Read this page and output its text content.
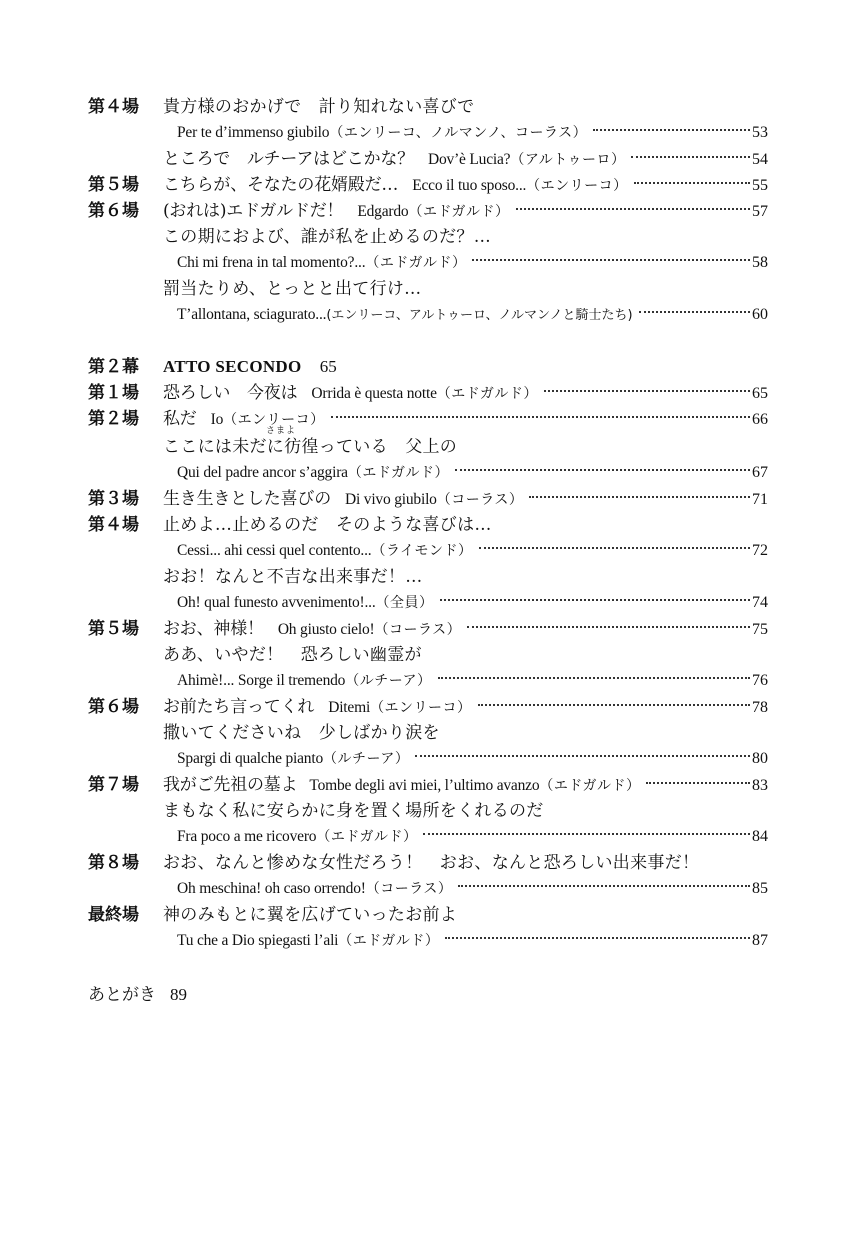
第４場	貴方様のおかげで　計り知れない喜びで
Per te d’immenso giubilo （エンリーコ、ノルマンノ、コーラス）	53
ところで　ルチーアはどこかな？ Dov’è Lucia? （アルトゥーロ）	54
第５場	こちらが、そなたの花婿殿だ… Ecco il tuo sposo... （エンリーコ）	55
第６場	(おれは)エドガルドだ！ Edgardo （エドガルド）	57
この期におよび、誰が私を止めるのだ？…
Chi mi frena in tal momento?... （エドガルド）	58
罰当たりめ、とっとと出て行け…
T’allontana, sciagurato... (エンリーコ、アルトゥーロ、ノルマンノと騎士たち)	60
第２幕	ATTO SECONDO 65
第１場	恐ろしい　今夜は Orrida è questa notte （エドガルド）	65
第２場	私だ Io （エンリーコ）	66
さまよ
ここには未だに彷徨っている　父上の
Qui del padre ancor s’aggira （エドガルド）	67
第３場	生き生きとした喜びの Di vivo giubilo （コーラス）	71
第４場	止めよ…止めるのだ　そのような喜びは…
Cessi... ahi cessi quel contento... （ライモンド）	72
おお！なんと不吉な出来事だ！…
Oh! qual funesto avvenimento!... （全員）	74
第５場	おお、神様！ Oh giusto cielo! （コーラス）	75
ああ、いやだ！　恐ろしい幽霊が
Ahimè!... Sorge il tremendo （ルチーア）	76
第６場	お前たち言ってくれ Ditemi （エンリーコ）	78
撒いてくださいね　少しばかり涙を
Spargi di qualche pianto （ルチーア）	80
第７場	我がご先祖の墓よ Tombe degli avi miei, l’ultimo avanzo （エドガルド）	83
まもなく私に安らかに身を置く場所をくれるのだ
Fra poco a me ricovero （エドガルド）	84
第８場	おお、なんと惨めな女性だろう！　おお、なんと恐ろしい出来事だ！
Oh meschina! oh caso orrendo! （コーラス）	85
最終場	神のみもとに翼を広げていったお前よ
Tu che a Dio spiegasti l’ali （エドガルド）	87
あとがき 89
